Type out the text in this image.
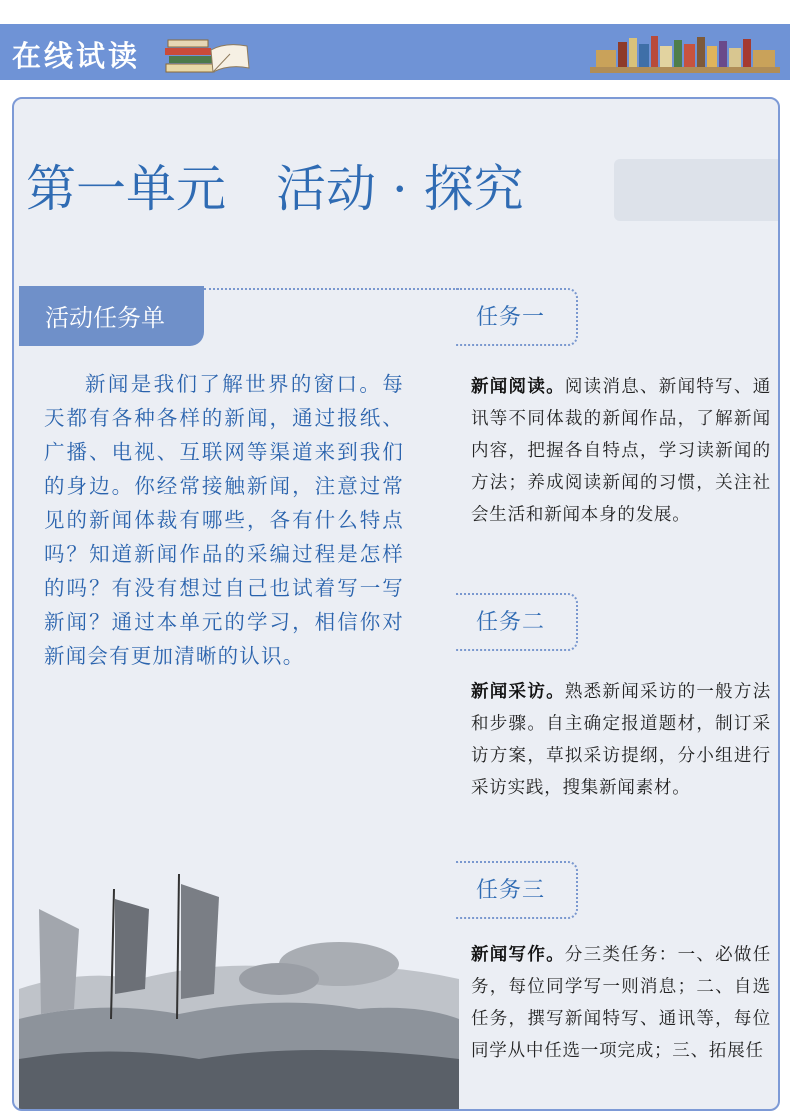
在线试读
第一单元　活动 · 探究
活动任务单
新闻是我们了解世界的窗口。每天都有各种各样的新闻，通过报纸、广播、电视、互联网等渠道来到我们的身边。你经常接触新闻，注意过常见的新闻体裁有哪些，各有什么特点吗？知道新闻作品的采编过程是怎样的吗？有没有想过自己也试着写一写新闻？通过本单元的学习，相信你对新闻会有更加清晰的认识。
任务一
新闻阅读。阅读消息、新闻特写、通讯等不同体裁的新闻作品，了解新闻内容，把握各自特点，学习读新闻的方法；养成阅读新闻的习惯，关注社会生活和新闻本身的发展。
任务二
新闻采访。熟悉新闻采访的一般方法和步骤。自主确定报道题材，制订采访方案，草拟采访提纲，分小组进行采访实践，搜集新闻素材。
任务三
新闻写作。分三类任务：一、必做任务，每位同学写一则消息；二、自选任务，撰写新闻特写、通讯等，每位同学从中任选一项完成；三、拓展任
